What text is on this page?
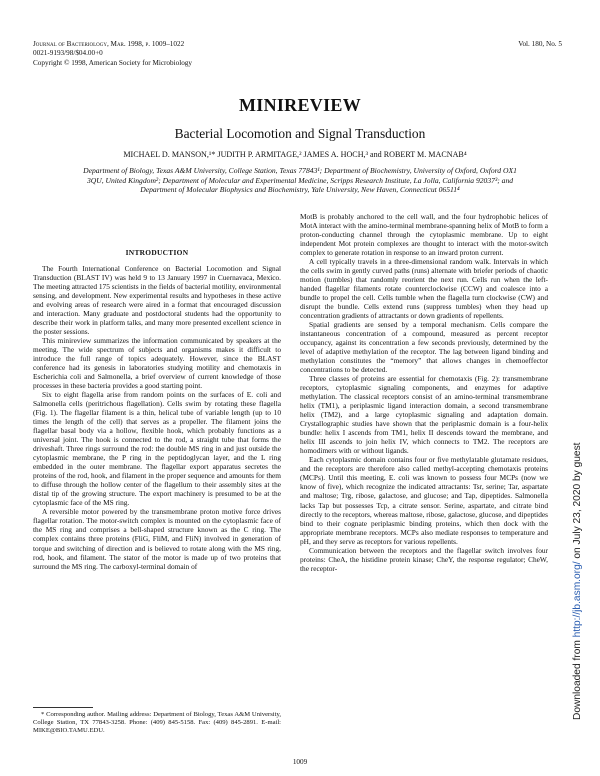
Journal of Bacteriology, Mar. 1998, p. 1009–1022
0021-9193/98/$04.00+0
Copyright © 1998, American Society for Microbiology
Vol. 180, No. 5
MINIREVIEW
Bacterial Locomotion and Signal Transduction
MICHAEL D. MANSON,¹* JUDITH P. ARMITAGE,² JAMES A. HOCH,³ and ROBERT M. MACNAB⁴
Department of Biology, Texas A&M University, College Station, Texas 77843¹; Department of Biochemistry, University of Oxford, Oxford OX1 3QU, United Kingdom²; Department of Molecular and Experimental Medicine, Scripps Research Institute, La Jolla, California 92037³; and Department of Molecular Biophysics and Biochemistry, Yale University, New Haven, Connecticut 06511⁴
INTRODUCTION

The Fourth International Conference on Bacterial Locomotion and Signal Transduction (BLAST IV) was held 9 to 13 January 1997 in Cuernavaca, Mexico. The meeting attracted 175 scientists in the fields of bacterial motility, environmental sensing, and development. New experimental results and hypotheses in these active and evolving areas of research were aired in a format that encouraged discussion and interaction. Many graduate and postdoctoral students had the opportunity to describe their work in platform talks, and many more presented excellent science in the poster sessions.

This minireview summarizes the information communicated by speakers at the meeting. The wide spectrum of subjects and organisms makes it difficult to introduce the full range of topics adequately. However, since the BLAST conference had its genesis in laboratories studying motility and chemotaxis in Escherichia coli and Salmonella, a brief overview of current knowledge of those processes in these bacteria provides a good starting point.

Six to eight flagella arise from random points on the surfaces of E. coli and Salmonella cells (peritrichous flagellation). Cells swim by rotating these flagella (Fig. 1). The flagellar filament is a thin, helical tube of variable length (up to 10 times the length of the cell) that serves as a propeller. The filament joins the flagellar basal body via a hollow, flexible hook, which probably functions as a universal joint. The hook is connected to the rod, a straight tube that forms the driveshaft. Three rings surround the rod: the double MS ring in and just outside the cytoplasmic membrane, the P ring in the peptidoglycan layer, and the L ring embedded in the outer membrane. The flagellar export apparatus secretes the proteins of the rod, hook, and filament in the proper sequence and amounts for them to diffuse through the hollow center of the flagellum to their assembly sites at the distal tip of the growing structure. The export machinery is presumed to be at the cytoplasmic face of the MS ring.

A reversible motor powered by the transmembrane proton motive force drives flagellar rotation. The motor-switch complex is mounted on the cytoplasmic face of the MS ring and comprises a bell-shaped structure known as the C ring. The complex contains three proteins (FliG, FliM, and FliN) involved in generation of torque and switching of direction and is believed to rotate along with the MS ring, rod, hook, and filament. The stator of the motor is made up of two proteins that surround the MS ring. The carboxyl-terminal domain of

MotB is probably anchored to the cell wall, and the four hydrophobic helices of MotA interact with the amino-terminal membrane-spanning helix of MotB to form a proton-conducting channel through the cytoplasmic membrane. Up to eight independent Mot protein complexes are thought to interact with the motor-switch complex to generate rotation in response to an inward proton current.

A cell typically travels in a three-dimensional random walk. Intervals in which the cells swim in gently curved paths (runs) alternate with briefer periods of chaotic motion (tumbles) that randomly reorient the next run. Cells run when the left-handed flagellar filaments rotate counterclockwise (CCW) and coalesce into a bundle to propel the cell. Cells tumble when the flagella turn clockwise (CW) and disrupt the bundle. Cells extend runs (suppress tumbles) when they head up concentration gradients of attractants or down gradients of repellents.

Spatial gradients are sensed by a temporal mechanism. Cells compare the instantaneous concentration of a compound, measured as percent receptor occupancy, against its concentration a few seconds previously, determined by the level of adaptive methylation of the receptor. The lag between ligand binding and methylation constitutes the “memory” that allows changes in chemoeffector concentrations to be detected.

Three classes of proteins are essential for chemotaxis (Fig. 2): transmembrane receptors, cytoplasmic signaling components, and enzymes for adaptive methylation. The classical receptors consist of an amino-terminal transmembrane helix (TM1), a periplasmic ligand interaction domain, a second transmembrane helix (TM2), and a large cytoplasmic signaling and adaptation domain. Crystallographic studies have shown that the periplasmic domain is a four-helix bundle: helix I ascends from TM1, helix II descends toward the membrane, and helix III ascends to join helix IV, which connects to TM2. The receptors are homodimers with or without ligands.

Each cytoplasmic domain contains four or five methylatable glutamate residues, and the receptors are therefore also called methyl-accepting chemotaxis proteins (MCPs). Until this meeting, E. coli was known to possess four MCPs (now we know of five), which recognize the indicated attractants: Tsr, serine; Tar, aspartate and maltose; Trg, ribose, galactose, and glucose; and Tap, dipeptides. Salmonella lacks Tap but possesses Tcp, a citrate sensor. Serine, aspartate, and citrate bind directly to the receptors, whereas maltose, ribose, galactose, glucose, and dipeptides bind to their cognate periplasmic binding proteins, which then dock with the appropriate membrane receptors. MCPs also mediate responses to temperature and pH, and they serve as receptors for various repellents.

Communication between the receptors and the flagellar switch involves four proteins: CheA, the histidine protein kinase; CheY, the response regulator; CheW, the receptor-

* Corresponding author. Mailing address: Department of Biology, Texas A&M University, College Station, TX 77843-3258. Phone: (409) 845-5158. Fax: (409) 845-2891. E-mail: MIKE@BIO.TAMU.EDU.
1009
Downloaded from http://jb.asm.org/ on July 23, 2020 by guest
